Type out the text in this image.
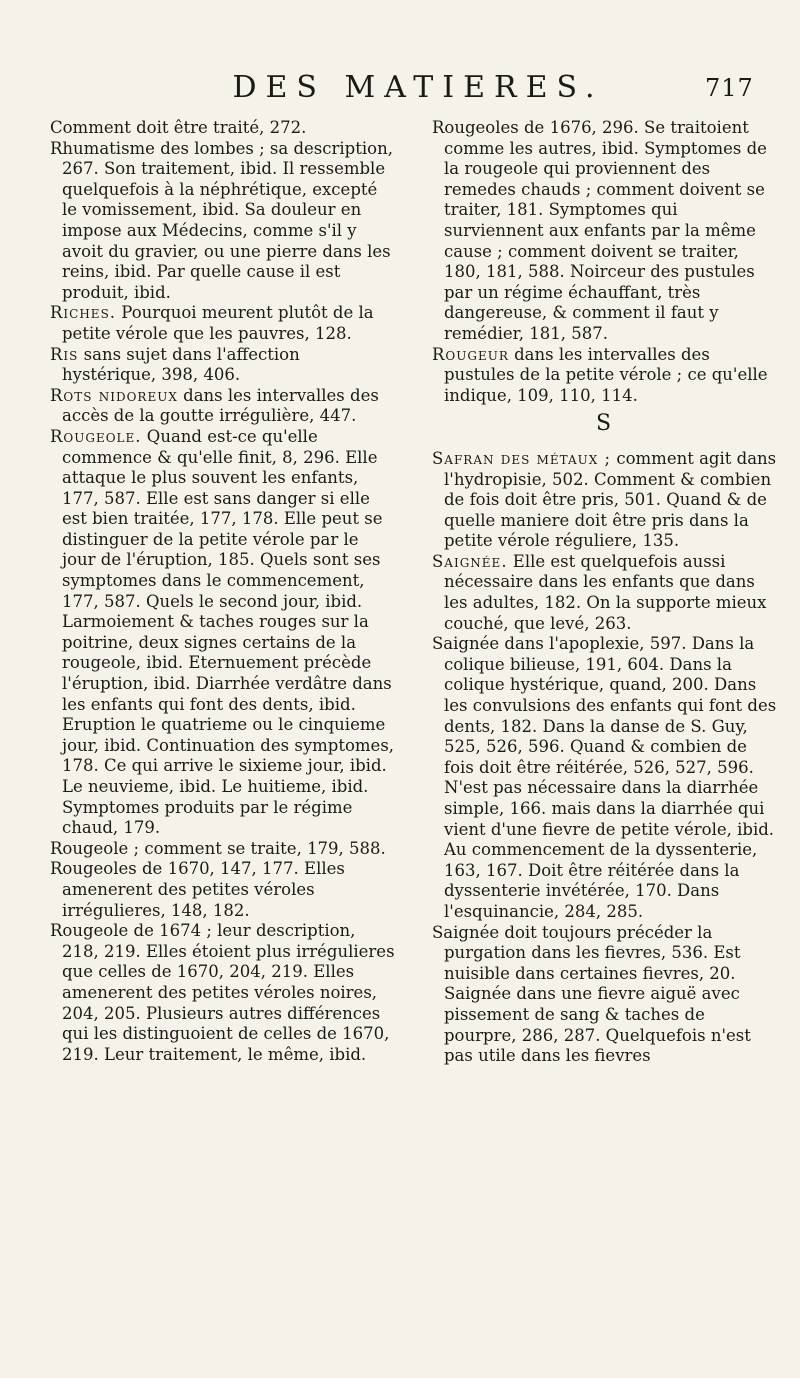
DES MATIERES.	717

Comment doit être traité, 272.

Rhumatisme des lombes ; sa description, 267. Son traitement, ibid. Il ressemble quelquefois à la néphrétique, excepté le vomissement, ibid. Sa douleur en impose aux Médecins, comme s'il y avoit du gravier, ou une pierre dans les reins, ibid. Par quelle cause il est produit, ibid.

Riches. Pourquoi meurent plutôt de la petite vérole que les pauvres, 128.

Ris sans sujet dans l'affection hystérique, 398, 406.

Rots nidoreux dans les intervalles des accès de la goutte irrégulière, 447.

Rougeole. Quand est-ce qu'elle commence & qu'elle finit, 8, 296. Elle attaque le plus souvent les enfants, 177, 587. Elle est sans danger si elle est bien traitée, 177, 178. Elle peut se distinguer de la petite vérole par le jour de l'éruption, 185. Quels sont ses symptomes dans le commencement, 177, 587. Quels le second jour, ibid. Larmoiement & taches rouges sur la poitrine, deux signes certains de la rougeole, ibid. Eternuement précède l'éruption, ibid. Diarrhée verdâtre dans les enfants qui font des dents, ibid. Eruption le quatrieme ou le cinquieme jour, ibid. Continuation des symptomes, 178. Ce qui arrive le sixieme jour, ibid. Le neuvieme, ibid. Le huitieme, ibid. Symptomes produits par le régime chaud, 179.

Rougeole ; comment se traite, 179, 588.

Rougeoles de 1670, 147, 177. Elles amenerent des petites véroles irrégulieres, 148, 182.

Rougeole de 1674 ; leur description, 218, 219. Elles étoient plus irrégulieres que celles de 1670, 204, 219. Elles amenerent des petites véroles noires, 204, 205. Plusieurs autres différences qui les distinguoient de celles de 1670, 219. Leur traitement, le même, ibid.

Rougeoles de 1676, 296. Se traitoient comme les autres, ibid. Symptomes de la rougeole qui proviennent des remedes chauds ; comment doivent se traiter, 181. Symptomes qui surviennent aux enfants par la même cause ; comment doivent se traiter, 180, 181, 588. Noirceur des pustules par un régime échauffant, très dangereuse, & comment il faut y remédier, 181, 587.

Rougeur dans les intervalles des pustules de la petite vérole ; ce qu'elle indique, 109, 110, 114.

S

Safran des métaux ; comment agit dans l'hydropisie, 502. Comment & combien de fois doit être pris, 501. Quand & de quelle maniere doit être pris dans la petite vérole réguliere, 135.

Saignée. Elle est quelquefois aussi nécessaire dans les enfants que dans les adultes, 182. On la supporte mieux couché, que levé, 263.

Saignée dans l'apoplexie, 597. Dans la colique bilieuse, 191, 604. Dans la colique hystérique, quand, 200. Dans les convulsions des enfants qui font des dents, 182. Dans la danse de S. Guy, 525, 526, 596. Quand & combien de fois doit être réitérée, 526, 527, 596. N'est pas nécessaire dans la diarrhée simple, 166. mais dans la diarrhée qui vient d'une fievre de petite vérole, ibid. Au commencement de la dyssenterie, 163, 167. Doit être réitérée dans la dyssenterie invétérée, 170. Dans l'esquinancie, 284, 285.

Saignée doit toujours précéder la purgation dans les fievres, 536. Est nuisible dans certaines fievres, 20. Saignée dans une fievre aiguë avec pissement de sang & taches de pourpre, 286, 287. Quelquefois n'est pas utile dans les fievres
